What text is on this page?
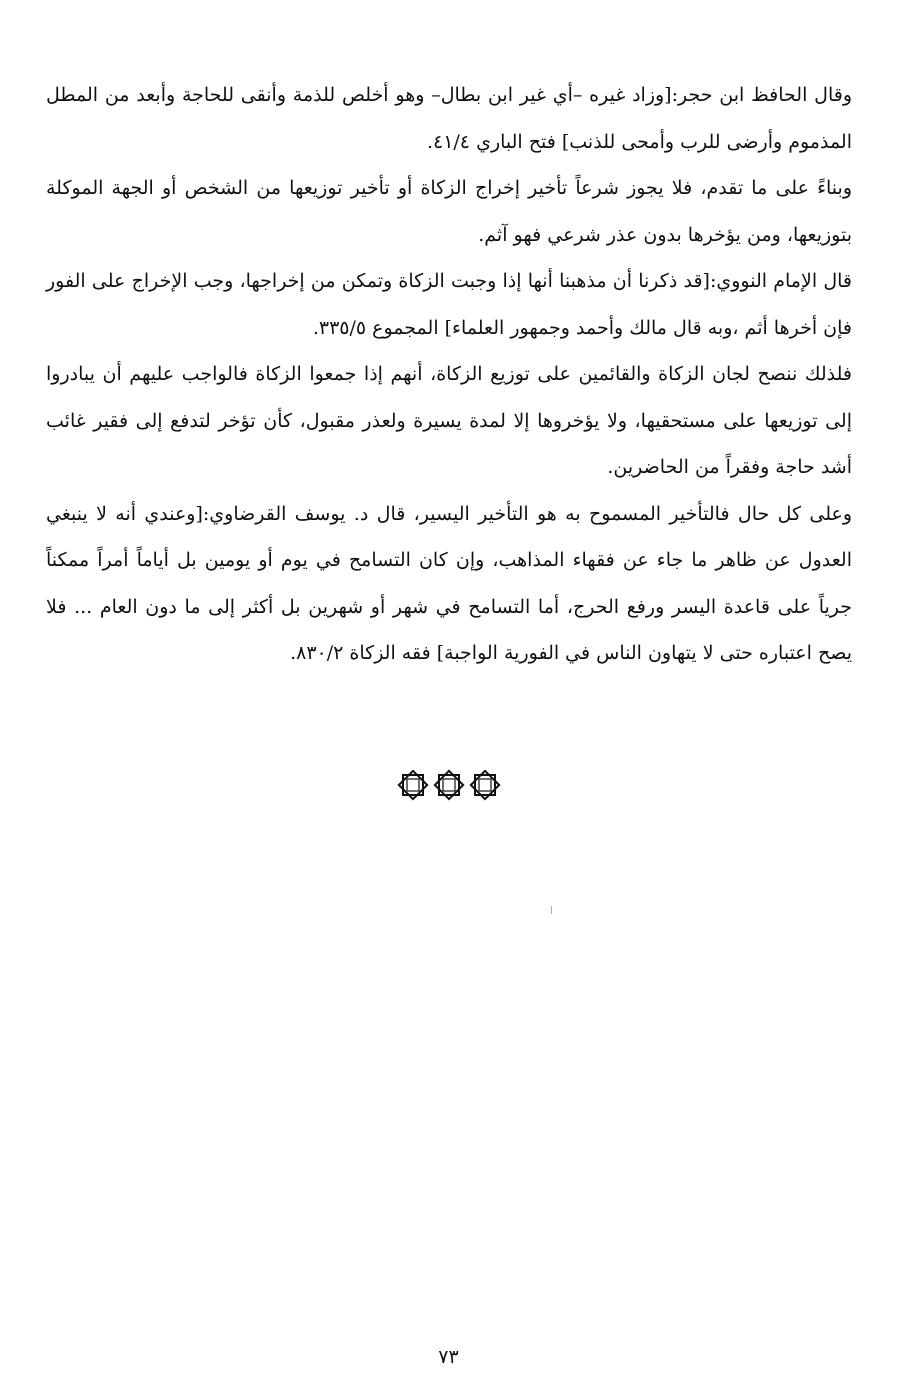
وقال الحافظ ابن حجر:[وزاد غيره –أي غير ابن بطال– وهو أخلص للذمة وأنقى للحاجة وأبعد من المطل المذموم وأرضى للرب وأمحى للذنب] فتح الباري ٤١/٤.

وبناءً على ما تقدم، فلا يجوز شرعاً تأخير إخراج الزكاة أو تأخير توزيعها من الشخص أو الجهة الموكلة بتوزيعها، ومن يؤخرها بدون عذر شرعي فهو آثم.

قال الإمام النووي:[قد ذكرنا أن مذهبنا أنها إذا وجبت الزكاة وتمكن من إخراجها، وجب الإخراج على الفور فإن أخرها أثم ،وبه قال مالك وأحمد وجمهور العلماء] المجموع ٣٣٥/٥.

فلذلك ننصح لجان الزكاة والقائمين على توزيع الزكاة، أنهم إذا جمعوا الزكاة فالواجب عليهم أن يبادروا إلى توزيعها على مستحقيها، ولا يؤخروها إلا لمدة يسيرة ولعذر مقبول، كأن تؤخر لتدفع إلى فقير غائب أشد حاجة وفقراً من الحاضرين.

وعلى كل حال فالتأخير المسموح به هو التأخير اليسير، قال د. يوسف القرضاوي:[وعندي أنه لا ينبغي العدول عن ظاهر ما جاء عن فقهاء المذاهب، وإن كان التسامح في يوم أو يومين بل أياماً أمراً ممكناً جرياً على قاعدة اليسر ورفع الحرج، أما التسامح في شهر أو شهرين بل أكثر إلى ما دون العام ... فلا يصح اعتباره حتى لا يتهاون الناس في الفورية الواجبة] فقه الزكاة ٨٣٠/٢.

٧٣
